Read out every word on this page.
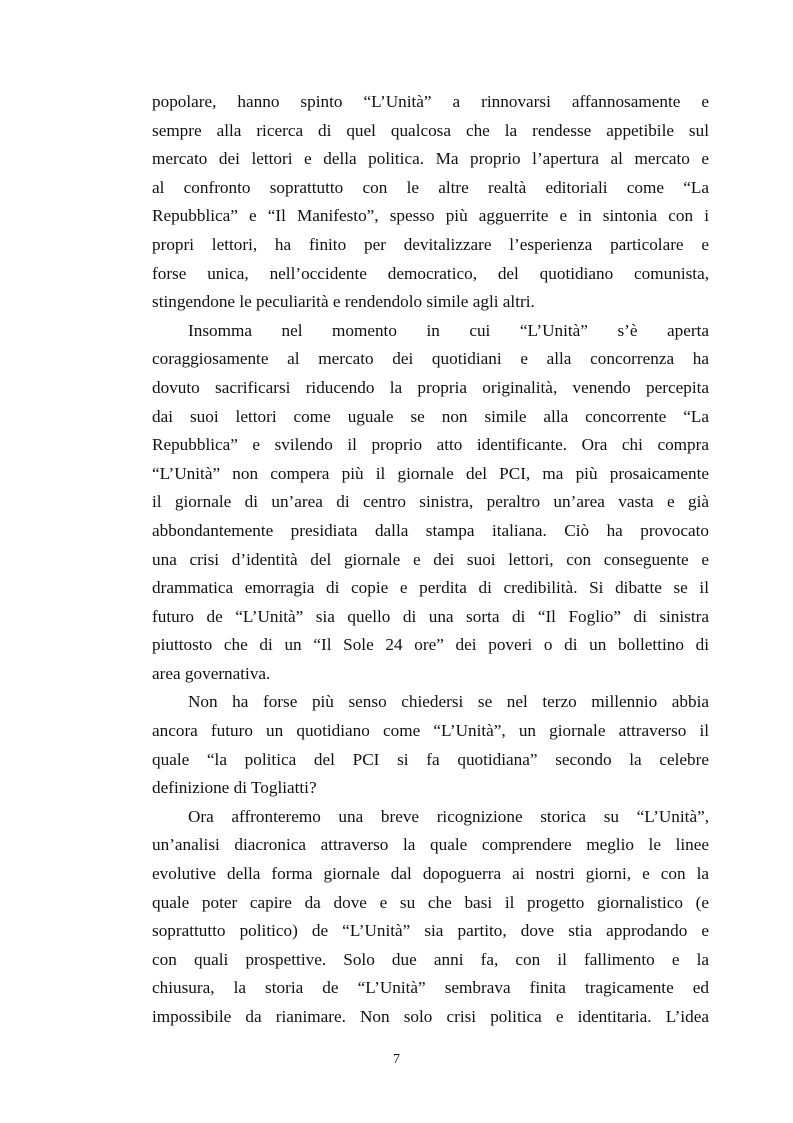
popolare, hanno spinto “L’Unità” a rinnovarsi affannosamente e
sempre alla ricerca di quel qualcosa che la rendesse appetibile sul
mercato dei lettori e della politica. Ma proprio l’apertura al mercato e
al confronto soprattutto con le altre realtà editoriali come “La
Repubblica” e “Il Manifesto”, spesso più agguerrite e in sintonia con i
propri lettori, ha finito per devitalizzare l’esperienza particolare e
forse unica, nell’occidente democratico, del quotidiano comunista,
stingendone le peculiarità e rendendolo simile agli altri.
Insomma nel momento in cui “L’Unità” s’è aperta
coraggiosamente al mercato dei quotidiani e alla concorrenza ha
dovuto sacrificarsi riducendo la propria originalità, venendo percepita
dai suoi lettori come uguale se non simile alla concorrente “La
Repubblica” e svilendo il proprio atto identificante. Ora chi compra
“L’Unità” non compera più il giornale del PCI, ma più prosaicamente
il giornale di un’area di centro sinistra, peraltro un’area vasta e già
abbondantemente presidiata dalla stampa italiana. Ciò ha provocato
una crisi d’identità del giornale e dei suoi lettori, con conseguente e
drammatica emorragia di copie e perdita di credibilità. Si dibatte se il
futuro de “L’Unità” sia quello di una sorta di “Il Foglio” di sinistra
piuttosto che di un “Il Sole 24 ore” dei poveri o di un bollettino di
area governativa.
Non ha forse più senso chiedersi se nel terzo millennio abbia
ancora futuro un quotidiano come “L’Unità”, un giornale attraverso il
quale “la politica del PCI si fa quotidiana” secondo la celebre
definizione di Togliatti?
Ora affronteremo una breve ricognizione storica su “L’Unità”,
un’analisi diacronica attraverso la quale comprendere meglio le linee
evolutive della forma giornale dal dopoguerra ai nostri giorni, e con la
quale poter capire da dove e su che basi il progetto giornalistico (e
soprattutto politico) de “L’Unità” sia partito, dove stia approdando e
con quali prospettive. Solo due anni fa, con il fallimento e la
chiusura, la storia de “L’Unità” sembrava finita tragicamente ed
impossibile da rianimare. Non solo crisi politica e identitaria. L’idea
7
